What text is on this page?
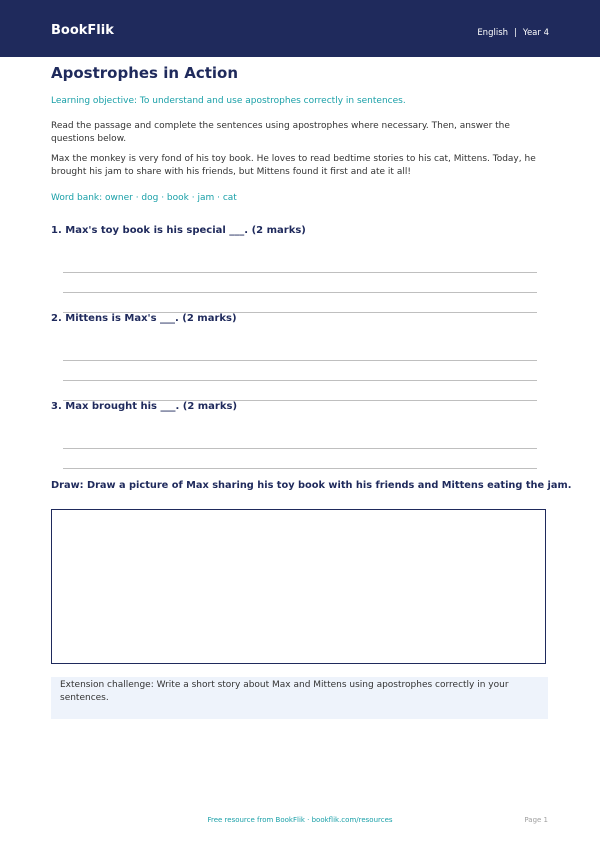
BookFlik	English | Year 4
Apostrophes in Action
Learning objective: To understand and use apostrophes correctly in sentences.
Read the passage and complete the sentences using apostrophes where necessary. Then, answer the questions below.
Max the monkey is very fond of his toy book. He loves to read bedtime stories to his cat, Mittens. Today, he brought his jam to share with his friends, but Mittens found it first and ate it all!
Word bank: owner · dog · book · jam · cat
1. Max's toy book is his special ___. (2 marks)
2. Mittens is Max's ___. (2 marks)
3. Max brought his ___. (2 marks)
Draw: Draw a picture of Max sharing his toy book with his friends and Mittens eating the jam.
Extension challenge: Write a short story about Max and Mittens using apostrophes correctly in your sentences.
Free resource from BookFlik · bookflik.com/resources	Page 1
